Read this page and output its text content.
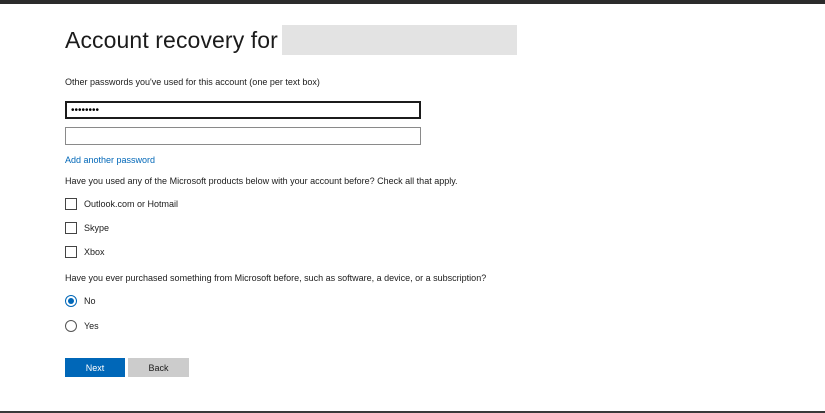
Account recovery for
Other passwords you've used for this account (one per text box)
••••••••
Add another password
Have you used any of the Microsoft products below with your account before? Check all that apply.
Outlook.com or Hotmail
Skype
Xbox
Have you ever purchased something from Microsoft before, such as software, a device, or a subscription?
No
Yes
Next	Back
